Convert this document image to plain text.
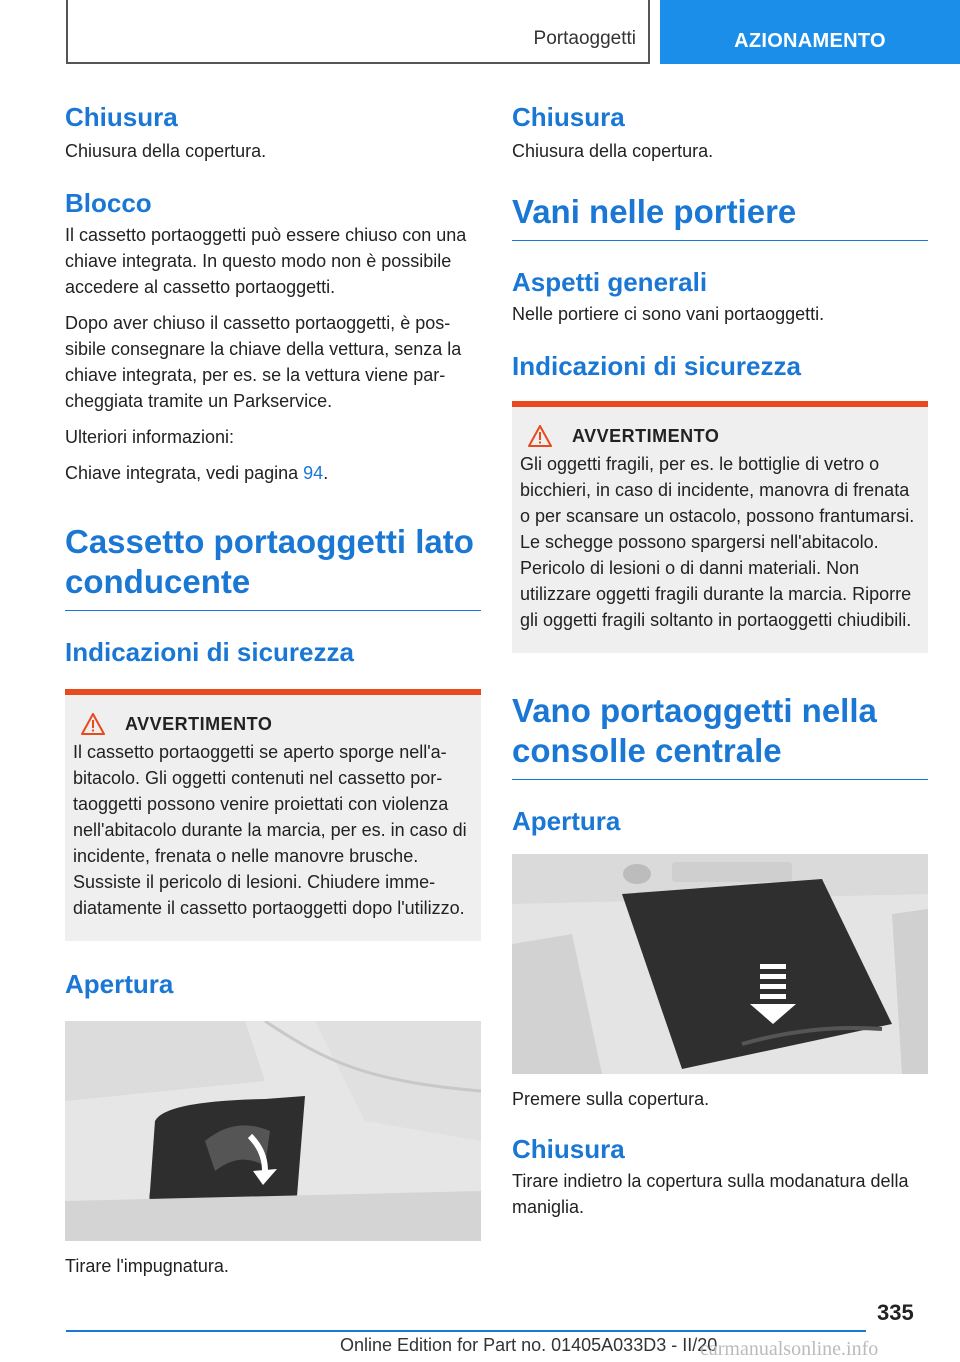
Portaoggetti	AZIONAMENTO
Chiusura
Chiusura della copertura.
Blocco
Il cassetto portaoggetti può essere chiuso con una chiave integrata. In questo modo non è possibile accedere al cassetto portaoggetti.
Dopo aver chiuso il cassetto portaoggetti, è possibile consegnare la chiave della vettura, senza la chiave integrata, per es. se la vettura viene parcheggiata tramite un Parkservice.
Ulteriori informazioni:
Chiave integrata, vedi pagina 94.
Cassetto portaoggetti lato conducente
Indicazioni di sicurezza
AVVERTIMENTO
Il cassetto portaoggetti se aperto sporge nell'abitacolo. Gli oggetti contenuti nel cassetto portaoggetti possono venire proiettati con violenza nell'abitacolo durante la marcia, per es. in caso di incidente, frenata o nelle manovre brusche. Sussiste il pericolo di lesioni. Chiudere immediatamente il cassetto portaoggetti dopo l'utilizzo.
Apertura
Tirare l'impugnatura.
Chiusura
Chiusura della copertura.
Vani nelle portiere
Aspetti generali
Nelle portiere ci sono vani portaoggetti.
Indicazioni di sicurezza
AVVERTIMENTO
Gli oggetti fragili, per es. le bottiglie di vetro o bicchieri, in caso di incidente, manovra di frenata o per scansare un ostacolo, possono frantumarsi. Le schegge possono spargersi nell'abitacolo. Pericolo di lesioni o di danni materiali. Non utilizzare oggetti fragili durante la marcia. Riporre gli oggetti fragili soltanto in portaoggetti chiudibili.
Vano portaoggetti nella consolle centrale
Apertura
Premere sulla copertura.
Chiusura
Tirare indietro la copertura sulla modanatura della maniglia.
335
Online Edition for Part no. 01405A033D3 - II/20
carmanualsonline.info
